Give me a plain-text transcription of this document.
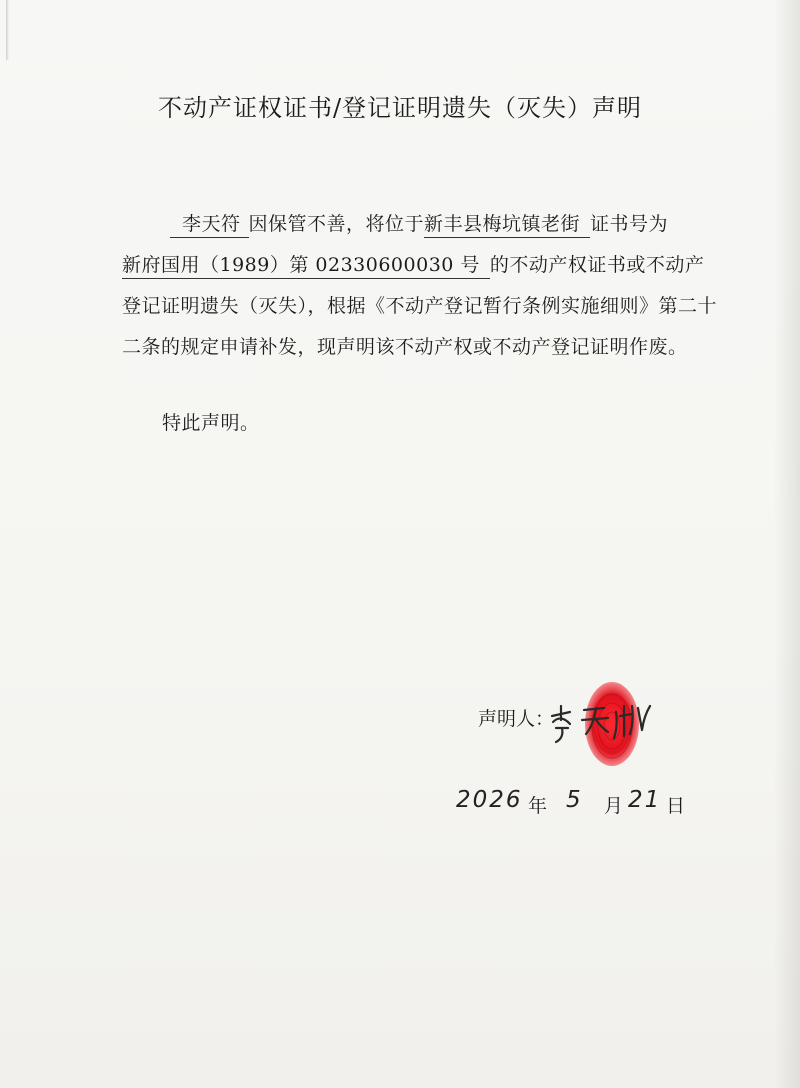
不动产证权证书/登记证明遗失（灭失）声明

李天符 因保管不善，将位于新丰县梅坑镇老街 证书号为新府国用（1989）第 02330600030 号 的不动产权证书或不动产登记证明遗失（灭失），根据《不动产登记暂行条例实施细则》第二十二条的规定申请补发，现声明该不动产权或不动产登记证明作废。

特此声明。
声明人：
2026 年 5 月 21 日
